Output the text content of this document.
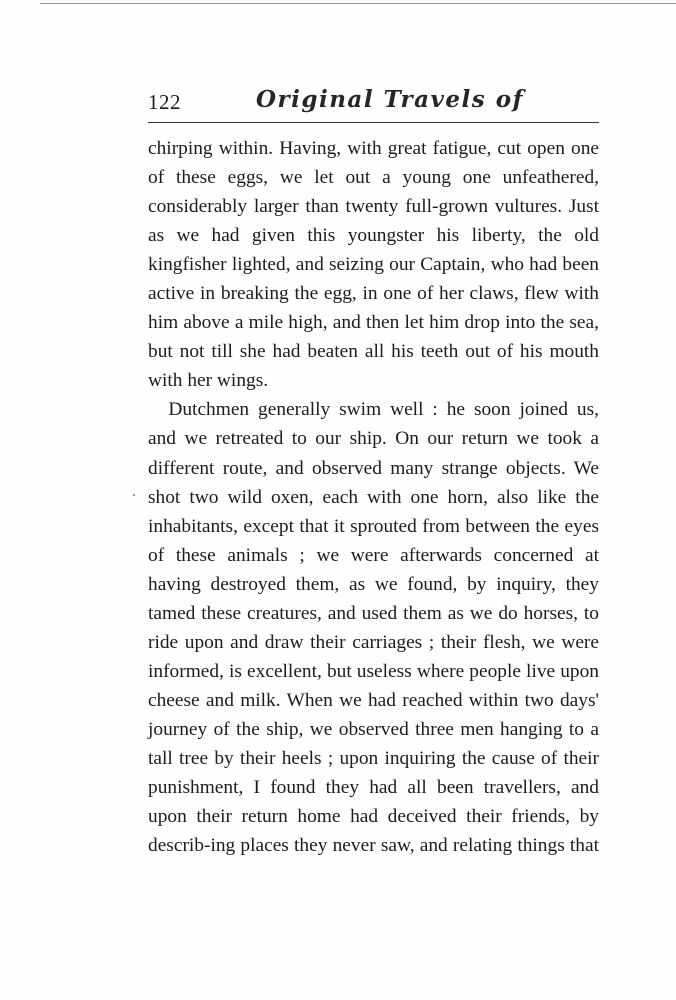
122	Original Travels of

chirping within. Having, with great fatigue, cut open one of these eggs, we let out a young one unfeathered, considerably larger than twenty full-grown vultures. Just as we had given this youngster his liberty, the old kingfisher lighted, and seizing our Captain, who had been active in breaking the egg, in one of her claws, flew with him above a mile high, and then let him drop into the sea, but not till she had beaten all his teeth out of his mouth with her wings.

Dutchmen generally swim well : he soon joined us, and we retreated to our ship. On our return we took a different route, and observed many strange objects. We shot two wild oxen, each with one horn, also like the inhabitants, except that it sprouted from between the eyes of these animals ; we were afterwards concerned at having destroyed them, as we found, by inquiry, they tamed these creatures, and used them as we do horses, to ride upon and draw their carriages ; their flesh, we were informed, is excellent, but useless where people live upon cheese and milk. When we had reached within two days' journey of the ship, we observed three men hanging to a tall tree by their heels ; upon inquiring the cause of their punishment, I found they had all been travellers, and upon their return home had deceived their friends, by describ-ing places they never saw, and relating things that
